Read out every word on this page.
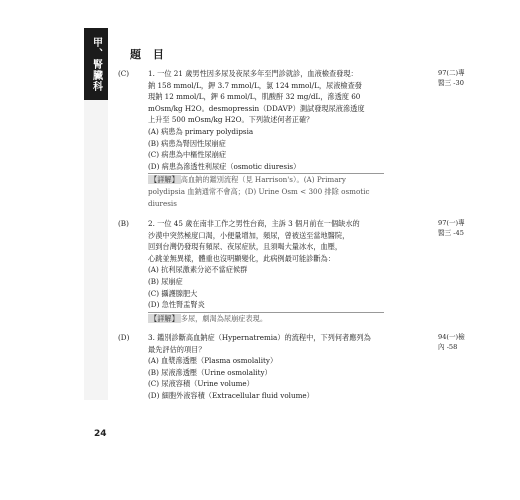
甲、腎臟科	題 目
(C)	97(二)專
醫三 -30
1. 一位 21 歲男性因多尿及夜尿多年至門診就診，血液檢查發現：
鈉 158 mmol/L，鉀 3.7 mmol/L，氯 124 mmol/L，尿液檢查發
現鈉 12 mmol/L，鉀 6 mmol/L，肌酸酐 32 mg/dL，滲透度 60
mOsm/kg H2O。desmopressin（DDAVP）測試發現尿液滲透度
上升至 500 mOsm/kg H2O。下列敘述何者正確？
(A) 病患為 primary polydipsia
(B) 病患為腎因性尿崩症
(C) 病患為中樞性尿崩症
(D) 病患為滲透性利尿症（osmotic diuresis）
【詳解】 高血鈉的鑑別流程（見 Harrison's）。(A) Primary
polydipsia 血鈉通常不會高；(D) Urine Osm < 300 排除 osmotic
diuresis
(B)	97(一)專
醫三 -45
2. 一位 45 歲在南非工作之男性台商，主訴 3 個月前在一個缺水的
沙漠中突然極度口渴，小便量增加，頻尿，曾被送至當地醫院，
回到台灣仍發現有頻尿、夜尿症狀，且須喝大量冰水，血壓，
心跳並無異樣，體重也沒明顯變化，此病例最可能診斷為：
(A) 抗利尿激素分泌不當症候群
(B) 尿崩症
(C) 攝護腺肥大
(D) 急性腎盂腎炎
【詳解】 多尿，劇渴為尿崩症表現。
(D)	94(一)檢
內 -58
3. 鑑別診斷高血鈉症（Hypernatremia）的流程中，下列何者應列為
最先評估的項目？
(A) 血漿滲透壓（Plasma osmolality）
(B) 尿液滲透壓（Urine osmolality）
(C) 尿液容積（Urine volume）
(D) 細胞外液容積（Extracellular fluid volume）
24
